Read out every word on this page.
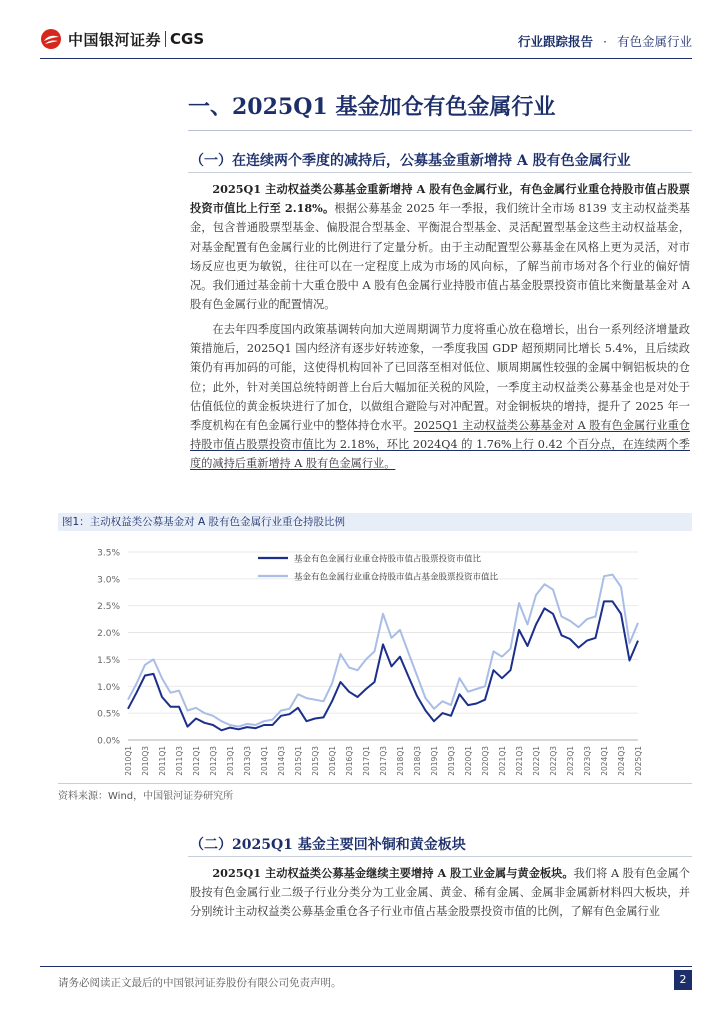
中国银河证券 CGS	行业跟踪报告 · 有色金属行业
一、2025Q1 基金加仓有色金属行业
（一）在连续两个季度的减持后，公募基金重新增持 A 股有色金属行业
2025Q1 主动权益类公募基金重新增持 A 股有色金属行业，有色金属行业重仓持股市值占股票投资市值比上行至 2.18%。根据公募基金 2025 年一季报，我们统计全市场 8139 支主动权益类基金，包含普通股票型基金、偏股混合型基金、平衡混合型基金、灵活配置型基金这些主动权益基金，对基金配置有色金属行业的比例进行了定量分析。由于主动配置型公募基金在风格上更为灵活，对市场反应也更为敏锐，往往可以在一定程度上成为市场的风向标，了解当前市场对各个行业的偏好情况。我们通过基金前十大重仓股中 A 股有色金属行业持股市值占基金股票投资市值比来衡量基金对 A 股有色金属行业的配置情况。
在去年四季度国内政策基调转向加大逆周期调节力度将重心放在稳增长，出台一系列经济增量政策措施后，2025Q1 国内经济有逐步好转迹象，一季度我国 GDP 超预期同比增长 5.4%，且后续政策仍有再加码的可能，这使得机构回补了已回落至相对低位、顺周期属性较强的金属中铜铝板块的仓位；此外，针对美国总统特朗普上台后大幅加征关税的风险，一季度主动权益类公募基金也是对处于估值低位的黄金板块进行了加仓，以做组合避险与对冲配置。对金铜板块的增持，提升了 2025 年一季度机构在有色金属行业中的整体持仓水平。2025Q1 主动权益类公募基金对 A 股有色金属行业重仓持股市值占股票投资市值比为 2.18%，环比 2024Q4 的 1.76%上行 0.42 个百分点，在连续两个季度的减持后重新增持 A 股有色金属行业。
图1：主动权益类公募基金对 A 股有色金属行业重仓持股比例
0.0%
0.5%
1.0%
1.5%
2.0%
2.5%
3.0%
3.5%
2010Q1 2010Q3 2011Q1 2011Q3 2012Q1 2012Q3 2013Q1 2013Q3 2014Q1 2014Q3 2015Q1 2015Q3 2016Q1 2016Q3 2017Q1 2017Q3 2018Q1 2018Q3 2019Q1 2019Q3 2020Q1 2020Q3 2021Q1 2021Q3 2022Q1 2022Q3 2023Q1 2023Q3 2024Q1 2024Q3 2025Q1
基金有色金属行业重仓持股市值占股票投资市值比
基金有色金属行业重仓持股市值占基金股票投资市值比
资料来源：Wind，中国银河证券研究所
（二）2025Q1 基金主要回补铜和黄金板块
2025Q1 主动权益类公募基金继续主要增持 A 股工业金属与黄金板块。我们将 A 股有色金属个股按有色金属行业二级子行业分类分为工业金属、黄金、稀有金属、金属非金属新材料四大板块，并分别统计主动权益类公募基金重仓各子行业市值占基金股票投资市值的比例，了解有色金属行业
请务必阅读正文最后的中国银河证券股份有限公司免责声明。	2
